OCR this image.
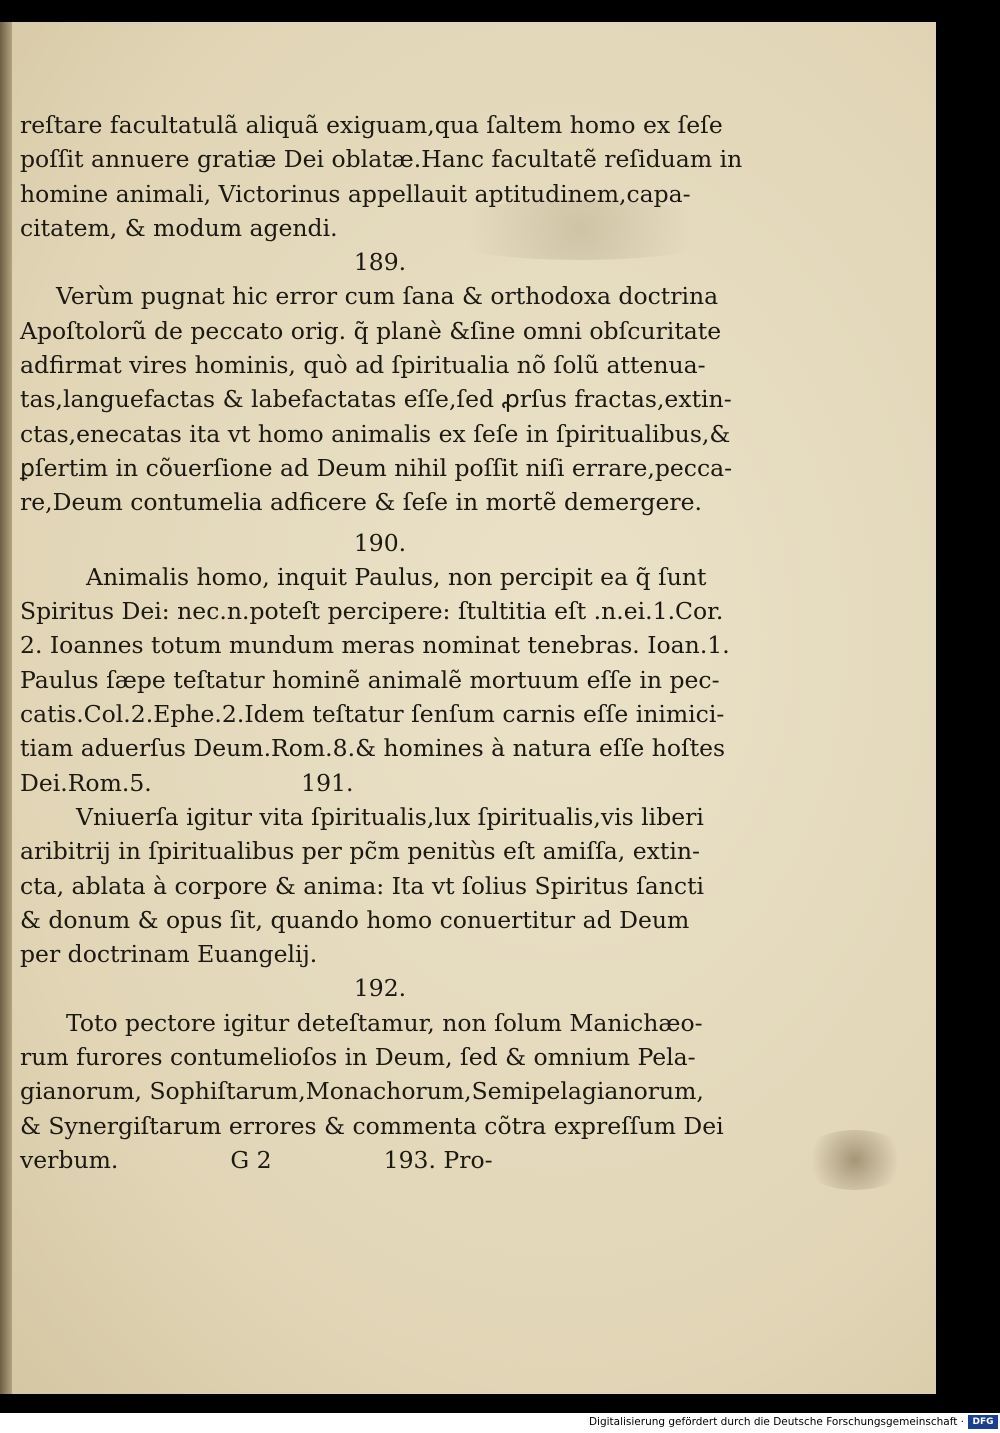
reſtare facultatulã aliquã exiguam,qua ſaltem homo ex ſeſe
poſſit annuere gratiæ Dei oblatæ.Hanc facultatẽ reſiduam in
homine animali, Victorinus appellauit aptitudinem,capa-
citatem, & modum agendi.
189.
Verùm pugnat hic error cum ſana & orthodoxa doctrina
Apoſtolorũ de peccato orig. q̃ planè &ſine omni obſcuritate
adfirmat vires hominis, quò ad ſpiritualia nõ ſolũ attenua-
tas,languefactas & labefactatas eſſe,ſed ꝓrſus fractas,extin-
ctas,enecatas ita vt homo animalis ex ſeſe in ſpiritualibus,&
ꝑſertim in cõuerſione ad Deum nihil poſſit niſi errare,pecca-
re,Deum contumelia adficere & ſeſe in mortẽ demergere.
190.
Animalis homo, inquit Paulus, non percipit ea q̃ ſunt
Spiritus Dei: nec.n.poteſt percipere: ſtultitia eſt .n.ei.1.Cor.
2. Ioannes totum mundum meras nominat tenebras. Ioan.1.
Paulus ſæpe teſtatur hominẽ animalẽ mortuum eſſe in pec-
catis.Col.2.Ephe.2.Idem teſtatur ſenſum carnis eſſe inimici-
tiam aduerſus Deum.Rom.8.& homines à natura eſſe hoſtes
Dei.Rom.5.                    191.
Vniuerſa igitur vita ſpiritualis,lux ſpiritualis,vis liberi
aribitrij in ſpiritualibus per pc̃m penitùs eſt amiſſa, extin-
cta, ablata à corpore & anima: Ita vt ſolius Spiritus ſancti
& donum & opus ſit, quando homo conuertitur ad Deum
per doctrinam Euangelij.
192.
Toto pectore igitur deteſtamur, non ſolum Manichæo-
rum furores contumelioſos in Deum, ſed & omnium Pela-
gianorum, Sophiſtarum,Monachorum,Semipelagianorum,
& Synergiſtarum errores & commenta cõtra expreſſum Dei
verbum.               G 2               193. Pro-
Digitalisierung gefördert durch die Deutsche Forschungsgemeinschaft · DFG
